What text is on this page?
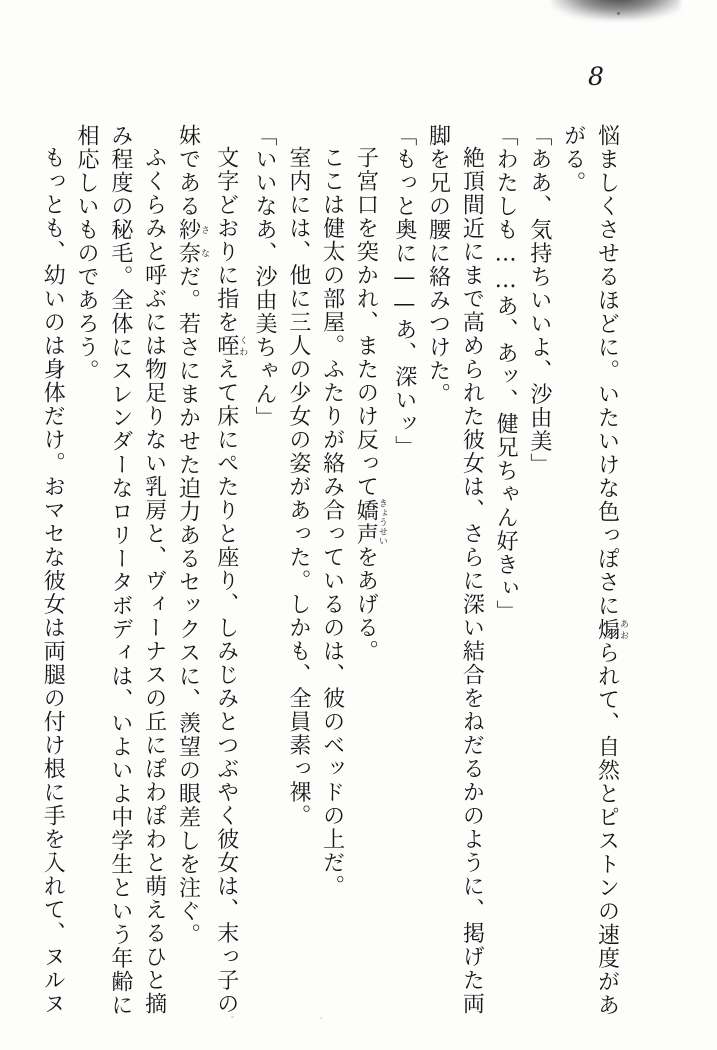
8

悩ましくさせるほどに。いたいけな色っぽさに煽あおられて、自然とピストンの速度があ

がる。

「ああ、気持ちいいよ、沙由美」

「わたしも……あ、あッ、健兄ちゃん好きぃ」

絶頂間近にまで高められた彼女は、さらに深い結合をねだるかのように、掲げた両

脚を兄の腰に絡みつけた。

「もっと奥に——あ、深いッ」

子宮口を突かれ、またのけ反って嬌声きょうせいをあげる。

ここは健太の部屋。ふたりが絡み合っているのは、彼のベッドの上だ。

室内には、他に三人の少女の姿があった。しかも、全員素っ裸。

「いいなあ、沙由美ちゃん」

文字どおりに指を咥くわえて床にぺたりと座り、しみじみとつぶやく彼女は、末っ子の

妹である紗奈さなだ。若さにまかせた迫力あるセックスに、羨望の眼差しを注ぐ。

ふくらみと呼ぶには物足りない乳房と、ヴィーナスの丘にぽわぽわと萌えるひと摘

み程度の秘毛。全体にスレンダーなロリータボディは、いよいよ中学生という年齢に

相応しいものであろう。

もっとも、幼いのは身体だけ。おマセな彼女は両腿の付け根に手を入れて、ヌルヌ
